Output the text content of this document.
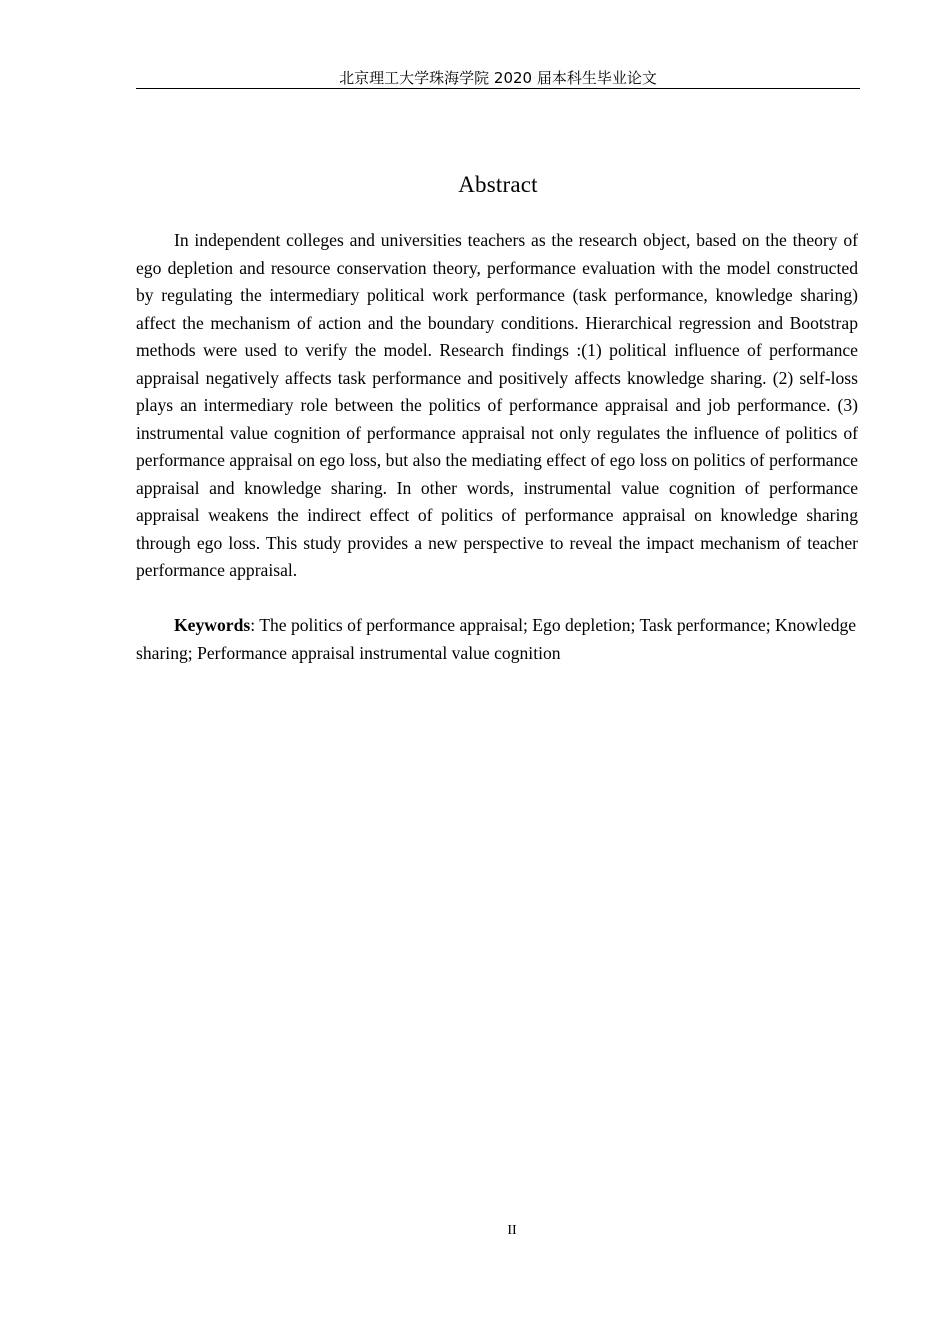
北京理工大学珠海学院 2020 届本科生毕业论文
Abstract

In independent colleges and universities teachers as the research object, based on the theory of ego depletion and resource conservation theory, performance evaluation with the model constructed by regulating the intermediary political work performance (task performance, knowledge sharing) affect the mechanism of action and the boundary conditions. Hierarchical regression and Bootstrap methods were used to verify the model. Research findings :(1) political influence of performance appraisal negatively affects task performance and positively affects knowledge sharing. (2) self-loss plays an intermediary role between the politics of performance appraisal and job performance. (3) instrumental value cognition of performance appraisal not only regulates the influence of politics of performance appraisal on ego loss, but also the mediating effect of ego loss on politics of performance appraisal and knowledge sharing. In other words, instrumental value cognition of performance appraisal weakens the indirect effect of politics of performance appraisal on knowledge sharing through ego loss. This study provides a new perspective to reveal the impact mechanism of teacher performance appraisal.

Keywords: The politics of performance appraisal; Ego depletion; Task performance; Knowledge sharing; Performance appraisal instrumental value cognition

II
